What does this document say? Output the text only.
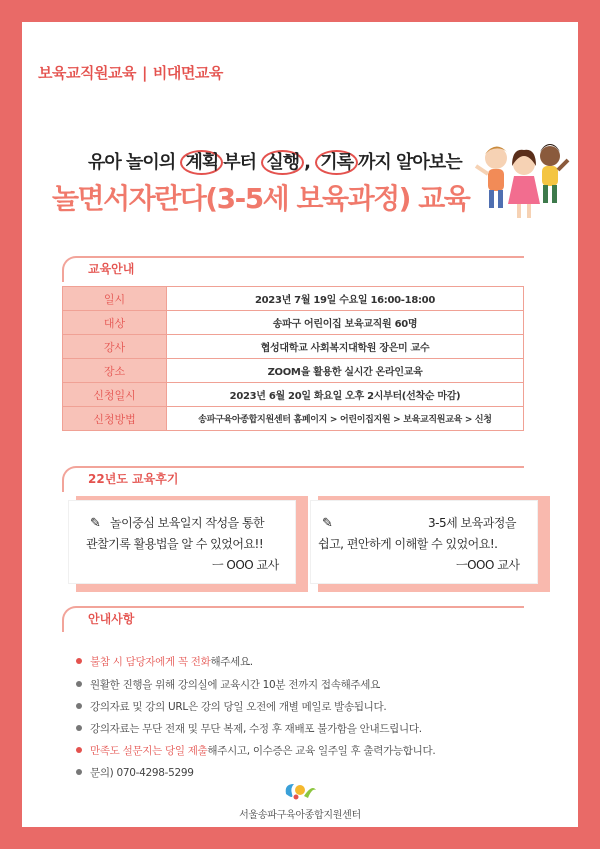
보육교직원교육 | 비대면교육
유아 놀이의 계획 부터 실행 , 기록 까지 알아보는
놀면서자란다(3-5세 보육과정) 교육
교육안내
일시	2023년 7월 19일 수요일 16:00-18:00
대상	송파구 어린이집 보육교직원 60명
강사	협성대학교 사회복지대학원 장은미 교수
장소	ZOOM을 활용한 실시간 온라인교육
신청일시	2023년 6월 20일 화요일 오후 2시부터(선착순 마감)
신청방법	송파구육아종합지원센터 홈페이지 > 어린이집지원 > 보육교직원교육 > 신청
22년도 교육후기
✎ 놀이중심 보육일지 작성을 통한
관찰기록 활용법을 알 수 있었어요!!
ㅡ OOO 교사
✎	3-5세 보육과정을
쉽고, 편안하게 이해할 수 있었어요!.
ㅡOOO 교사
안내사항
불참 시 담당자에게 꼭 전화해주세요.
원활한 진행을 위해 강의실에 교육시간 10분 전까지 접속해주세요
강의자료 및 강의 URL은 강의 당일 오전에 개별 메일로 발송됩니다.
강의자료는 무단 전재 및 무단 복제, 수정 후 재배포 불가함을 안내드립니다.
만족도 설문지는 당일 제출해주시고, 이수증은 교육 일주일 후 출력가능합니다.
문의) 070-4298-5299
서울송파구육아종합지원센터
